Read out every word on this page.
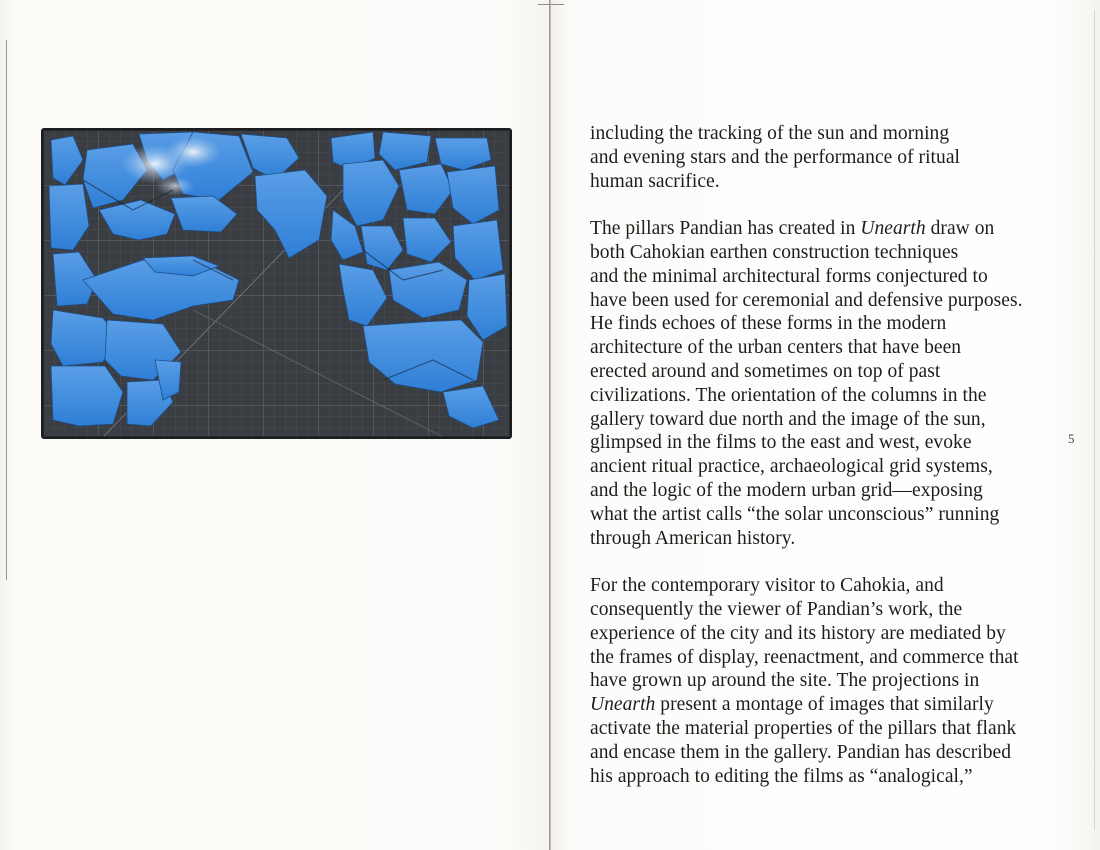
including the tracking of the sun and morning
and evening stars and the performance of ritual
human sacrifice.
The pillars Pandian has created in Unearth draw on
both Cahokian earthen construction techniques
and the minimal architectural forms conjectured to
have been used for ceremonial and defensive purposes.
He finds echoes of these forms in the modern
architecture of the urban centers that have been
erected around and sometimes on top of past
civilizations. The orientation of the columns in the
gallery toward due north and the image of the sun,
glimpsed in the films to the east and west, evoke
ancient ritual practice, archaeological grid systems,
and the logic of the modern urban grid—exposing
what the artist calls “the solar unconscious” running
through American history.
For the contemporary visitor to Cahokia, and
consequently the viewer of Pandian’s work, the
experience of the city and its history are mediated by
the frames of display, reenactment, and commerce that
have grown up around the site. The projections in
Unearth present a montage of images that similarly
activate the material properties of the pillars that flank
and encase them in the gallery. Pandian has described
his approach to editing the films as “analogical,”
5
